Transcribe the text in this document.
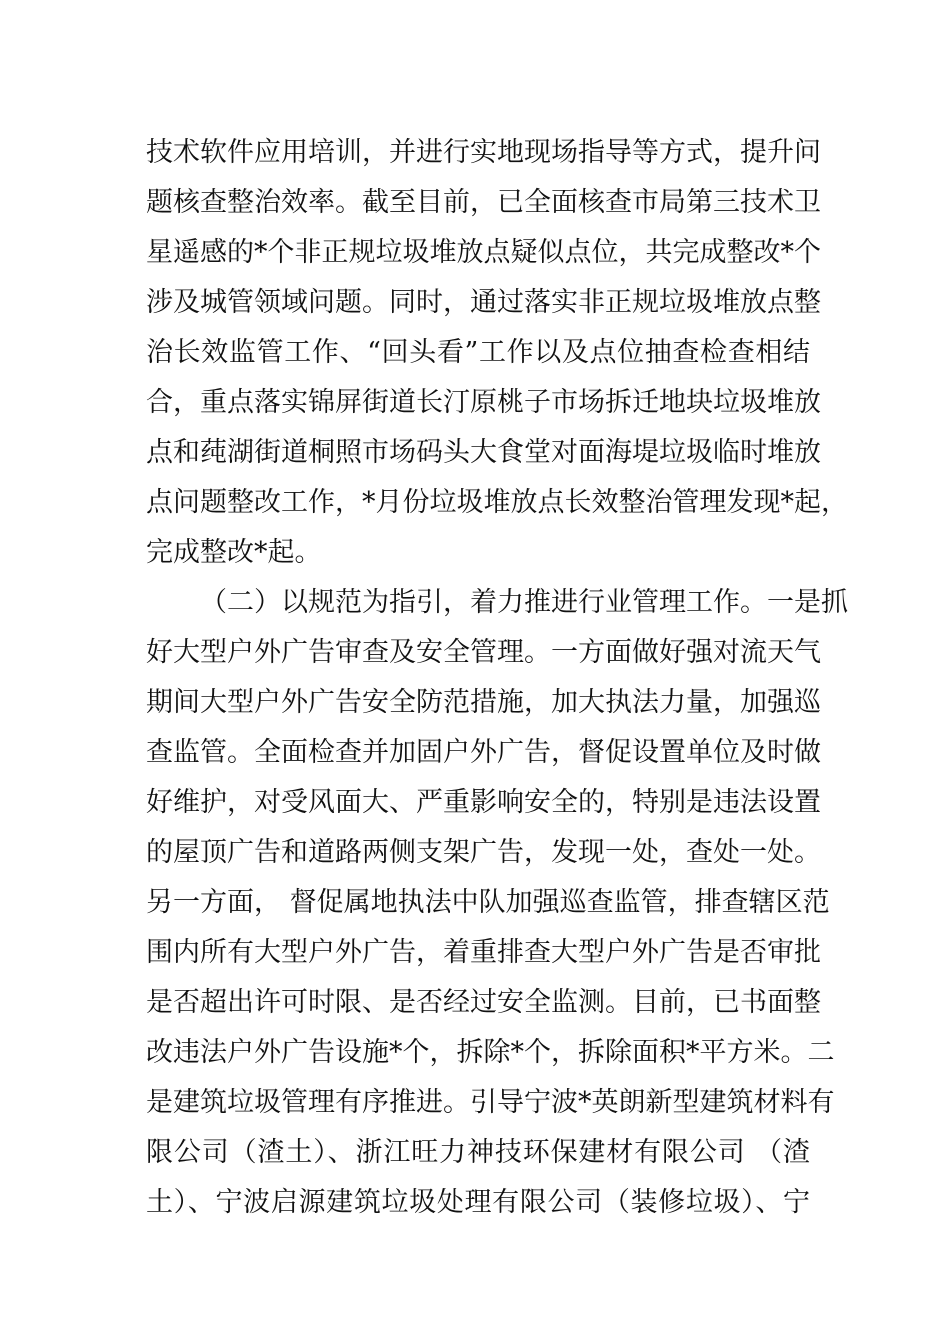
技术软件应用培训，并进行实地现场指导等方式，提升问
题核查整治效率。截至目前，已全面核查市局第三技术卫
星遥感的*个非正规垃圾堆放点疑似点位，共完成整改*个
涉及城管领域问题。同时，通过落实非正规垃圾堆放点整
治长效监管工作、“回头看”工作以及点位抽查检查相结
合，重点落实锦屏街道长汀原桃子市场拆迁地块垃圾堆放
点和莼湖街道桐照市场码头大食堂对面海堤垃圾临时堆放
点问题整改工作，*月份垃圾堆放点长效整治管理发现*起，
完成整改*起。
（二）以规范为指引，着力推进行业管理工作。一是抓
好大型户外广告审查及安全管理。一方面做好强对流天气
期间大型户外广告安全防范措施，加大执法力量，加强巡
查监管。全面检查并加固户外广告，督促设置单位及时做
好维护，对受风面大、严重影响安全的，特别是违法设置
的屋顶广告和道路两侧支架广告，发现一处，查处一处。
另一方面， 督促属地执法中队加强巡查监管，排查辖区范
围内所有大型户外广告，着重排查大型户外广告是否审批
是否超出许可时限、是否经过安全监测。目前，已书面整
改违法户外广告设施*个，拆除*个，拆除面积*平方米。二
是建筑垃圾管理有序推进。引导宁波*英朗新型建筑材料有
限公司（渣土）、浙江旺力神技环保建材有限公司 （渣
土）、宁波启源建筑垃圾处理有限公司（装修垃圾）、宁
